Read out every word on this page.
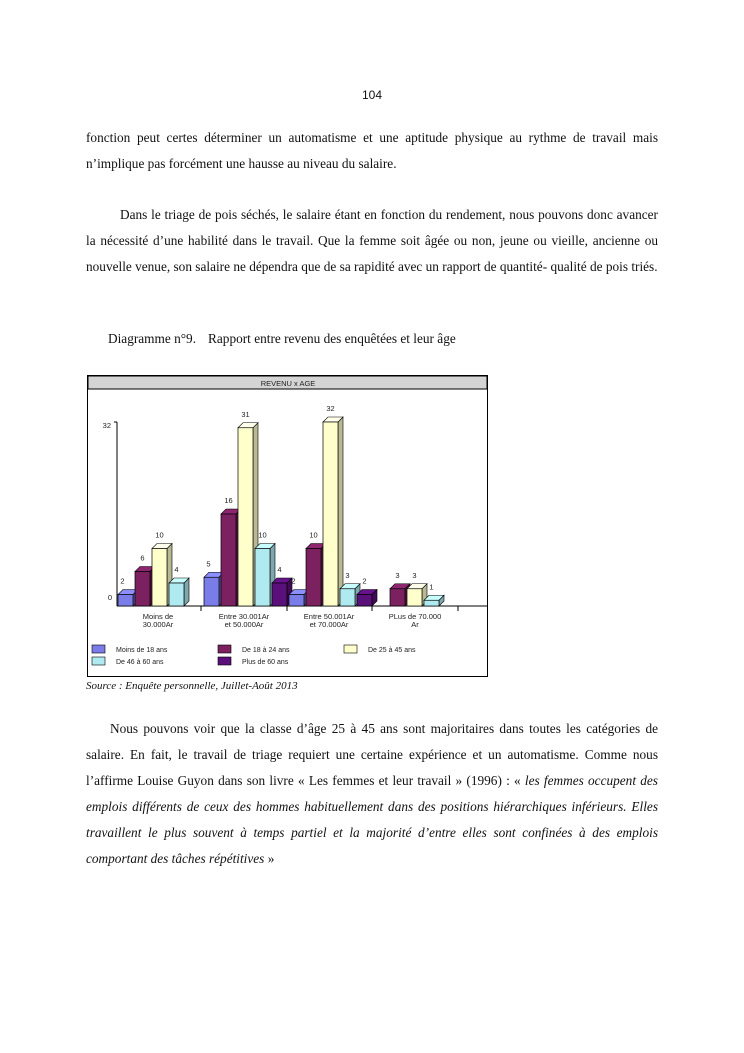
104

fonction peut certes déterminer un automatisme et une aptitude physique au rythme de travail mais n’implique pas forcément une hausse au niveau du salaire.

Dans le triage de pois séchés, le salaire étant en fonction du rendement, nous pouvons donc avancer la nécessité d’une habilité dans le travail. Que la femme soit âgée ou non, jeune ou vieille, ancienne ou nouvelle venue, son salaire ne dépendra que de sa rapidité avec un rapport de quantité- qualité de pois triés.

Diagramme n°9. Rapport entre revenu des enquêtées et leur âge
REVENU x AGE
0
32
2
6
10
4
Moins de
30.000Ar
5
16
31
10
4
Entre 30.001Ar
et 50.000Ar
2
10
32
3
2
Entre 50.001Ar
et 70.000Ar
3 3
1
PLus de 70.000
Ar
Moins de 18 ans	De 18 à 24 ans	De 25 à 45 ans
De 46 à 60 ans	Plus de 60 ans
Source : Enquête personnelle, Juillet-Août 2013

Nous pouvons voir que la classe d’âge 25 à 45 ans sont majoritaires dans toutes les catégories de salaire. En fait, le travail de triage requiert une certaine expérience et un automatisme. Comme nous l’affirme Louise Guyon dans son livre « Les femmes et leur travail » (1996) : « les femmes occupent des emplois différents de ceux des hommes habituellement dans des positions hiérarchiques inférieurs. Elles travaillent le plus souvent à temps partiel et la majorité d’entre elles sont confinées à des emplois comportant des tâches répétitives »
